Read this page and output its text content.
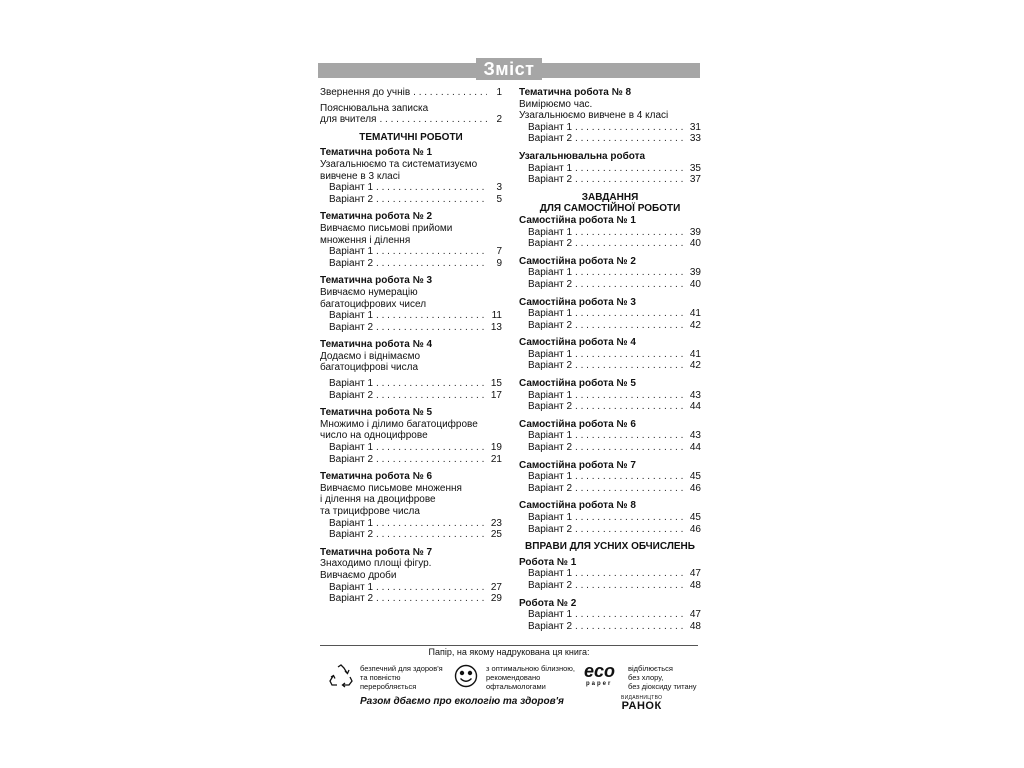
Зміст
Звернення до учнів . . .	1
Пояснювальна записка
для вчителя . . .	2
ТЕМАТИЧНІ РОБОТИ
Тематична робота № 1
Узагальнюємо та систематизуємо
вивчене в 3 класі
Варіант 1 . . .	3
Варіант 2 . . .	5
Тематична робота № 2
Вивчаємо письмові прийоми
множення і ділення
Варіант 1 . . .	7
Варіант 2 . . .	9
Тематична робота № 3
Вивчаємо нумерацію
багатоцифрових чисел
Варіант 1 . . .	11
Варіант 2 . . .	13
Тематична робота № 4
Додаємо і віднімаємо
багатоцифрові числа
Варіант 1 . . .	15
Варіант 2 . . .	17
Тематична робота № 5
Множимо і ділимо багатоцифрове
число на одноцифрове
Варіант 1 . . .	19
Варіант 2 . . .	21
Тематична робота № 6
Вивчаємо письмове множення
і ділення на двоцифрове
та трицифрове числа
Варіант 1 . . .	23
Варіант 2 . . .	25
Тематична робота № 7
Знаходимо площі фігур.
Вивчаємо дроби
Варіант 1 . . .	27
Варіант 2 . . .	29
Тематична робота № 8
Вимірюємо час.
Узагальнюємо вивчене в 4 класі
Варіант 1 . . .	31
Варіант 2 . . .	33
Узагальнювальна робота
Варіант 1 . . .	35
Варіант 2 . . .	37
ЗАВДАННЯ
ДЛЯ САМОСТІЙНОЇ РОБОТИ
Самостійна робота № 1
Варіант 1 . . .	39
Варіант 2 . . .	40
Самостійна робота № 2
Варіант 1 . . .	39
Варіант 2 . . .	40
Самостійна робота № 3
Варіант 1 . . .	41
Варіант 2 . . .	42
Самостійна робота № 4
Варіант 1 . . .	41
Варіант 2 . . .	42
Самостійна робота № 5
Варіант 1 . . .	43
Варіант 2 . . .	44
Самостійна робота № 6
Варіант 1 . . .	43
Варіант 2 . . .	44
Самостійна робота № 7
Варіант 1 . . .	45
Варіант 2 . . .	46
Самостійна робота № 8
Варіант 1 . . .	45
Варіант 2 . . .	46
ВПРАВИ ДЛЯ УСНИХ ОБЧИСЛЕНЬ
Робота № 1
Варіант 1 . . .	47
Варіант 2 . . .	48
Робота № 2
Варіант 1 . . .	47
Варіант 2 . . .	48
Папір, на якому надрукована ця книга:
безпечний для здоров'я
та повністю
переробляється
з оптимальною білизною,
рекомендовано
офтальмологами
eco
paper
відбілюється
без хлору,
без діоксиду титану
Разом дбаємо про екологію та здоров'я	ВИДАВНИЦТВО
РАНОК
